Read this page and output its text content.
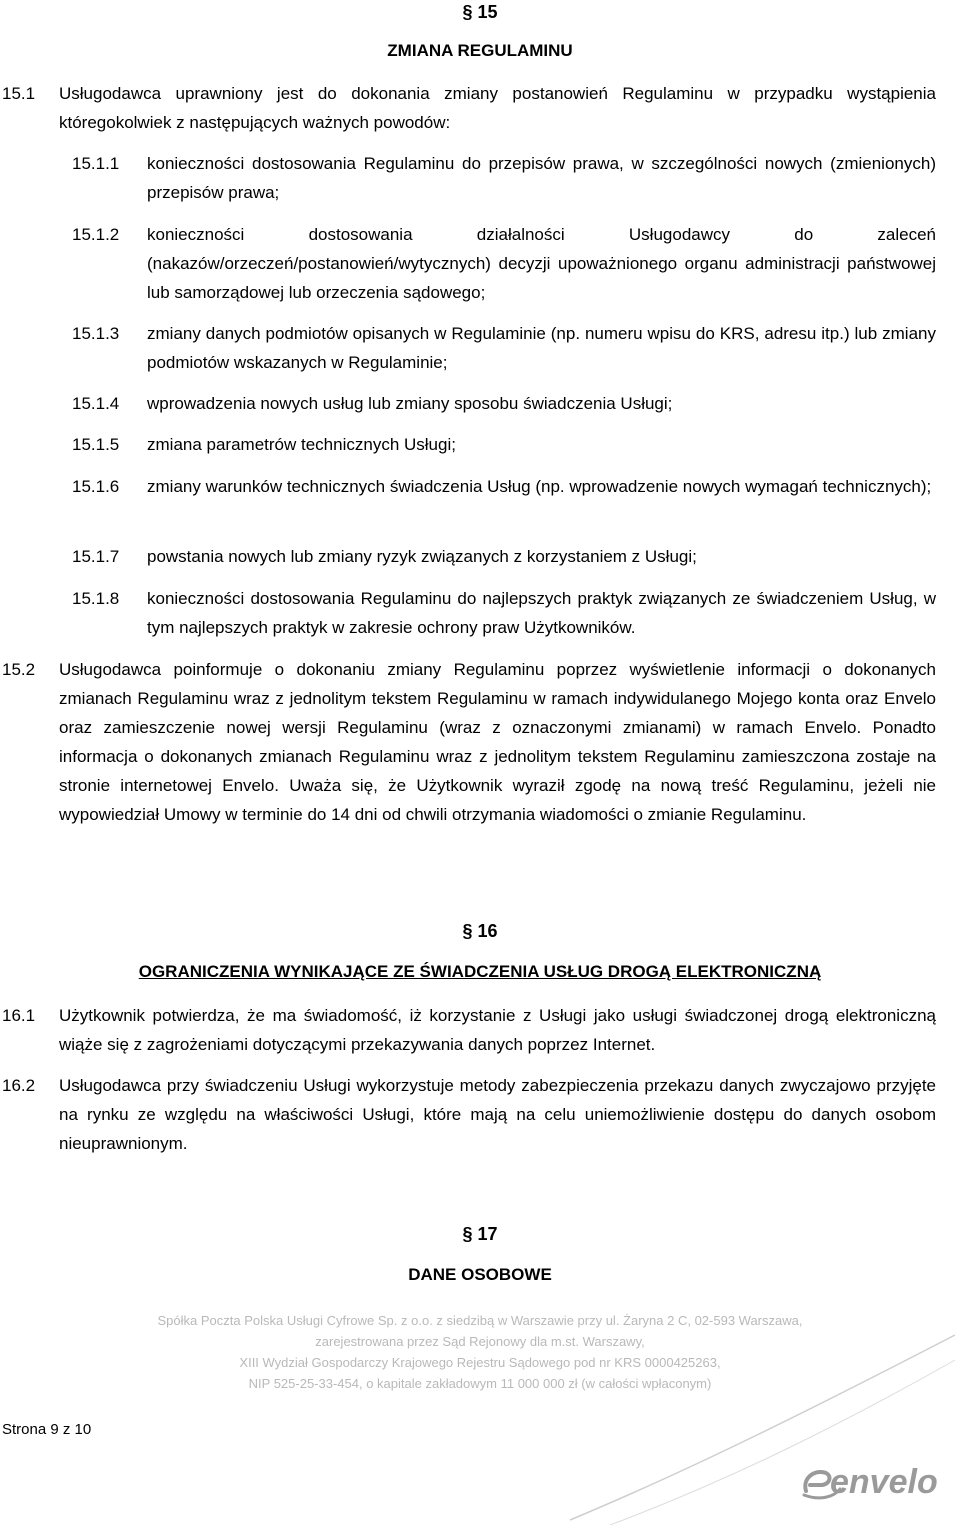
§ 15
ZMIANA REGULAMINU
15.1 Usługodawca uprawniony jest do dokonania zmiany postanowień Regulaminu w przypadku wystąpienia któregokolwiek z następujących ważnych powodów:
15.1.1 konieczności dostosowania Regulaminu do przepisów prawa, w szczególności nowych (zmienionych) przepisów prawa;
15.1.2 konieczności dostosowania działalności Usługodawcy do zaleceń (nakazów/orzeczeń/postanowień/wytycznych) decyzji upoważnionego organu administracji państwowej lub samorządowej lub orzeczenia sądowego;
15.1.3 zmiany danych podmiotów opisanych w Regulaminie (np. numeru wpisu do KRS, adresu itp.) lub zmiany podmiotów wskazanych w Regulaminie;
15.1.4 wprowadzenia nowych usług lub zmiany sposobu świadczenia Usługi;
15.1.5 zmiana parametrów technicznych Usługi;
15.1.6 zmiany warunków technicznych świadczenia Usług (np. wprowadzenie nowych wymagań technicznych);
15.1.7 powstania nowych lub zmiany ryzyk związanych z korzystaniem z Usługi;
15.1.8 konieczności dostosowania Regulaminu do najlepszych praktyk związanych ze świadczeniem Usług, w tym najlepszych praktyk w zakresie ochrony praw Użytkowników.
15.2 Usługodawca poinformuje o dokonaniu zmiany Regulaminu poprzez wyświetlenie informacji o dokonanych zmianach Regulaminu wraz z jednolitym tekstem Regulaminu w ramach indywidulanego Mojego konta oraz Envelo oraz zamieszczenie nowej wersji Regulaminu (wraz z oznaczonymi zmianami) w ramach Envelo. Ponadto informacja o dokonanych zmianach Regulaminu wraz z jednolitym tekstem Regulaminu zamieszczona zostaje na stronie internetowej Envelo. Uważa się, że Użytkownik wyraził zgodę na nową treść Regulaminu, jeżeli nie wypowiedział Umowy w terminie do 14 dni od chwili otrzymania wiadomości o zmianie Regulaminu.
§ 16
OGRANICZENIA WYNIKAJĄCE ZE ŚWIADCZENIA USŁUG DROGĄ ELEKTRONICZNĄ
16.1 Użytkownik potwierdza, że ma świadomość, iż korzystanie z Usługi jako usługi świadczonej drogą elektroniczną wiąże się z zagrożeniami dotyczącymi przekazywania danych poprzez Internet.
16.2 Usługodawca przy świadczeniu Usługi wykorzystuje metody zabezpieczenia przekazu danych zwyczajowo przyjęte na rynku ze względu na właściwości Usługi, które mają na celu uniemożliwienie dostępu do danych osobom nieuprawnionym.
§ 17
DANE OSOBOWE
Spółka Poczta Polska Usługi Cyfrowe Sp. z o.o. z siedzibą w Warszawie przy ul. Żaryna 2 C, 02-593 Warszawa,
zarejestrowana przez Sąd Rejonowy dla m.st. Warszawy,
XIII Wydział Gospodarczy Krajowego Rejestru Sądowego pod nr KRS 0000425263,
NIP 525-25-33-454, o kapitale zakładowym 11 000 000 zł (w całości wpłaconym)
Strona 9 z 10
envelo
